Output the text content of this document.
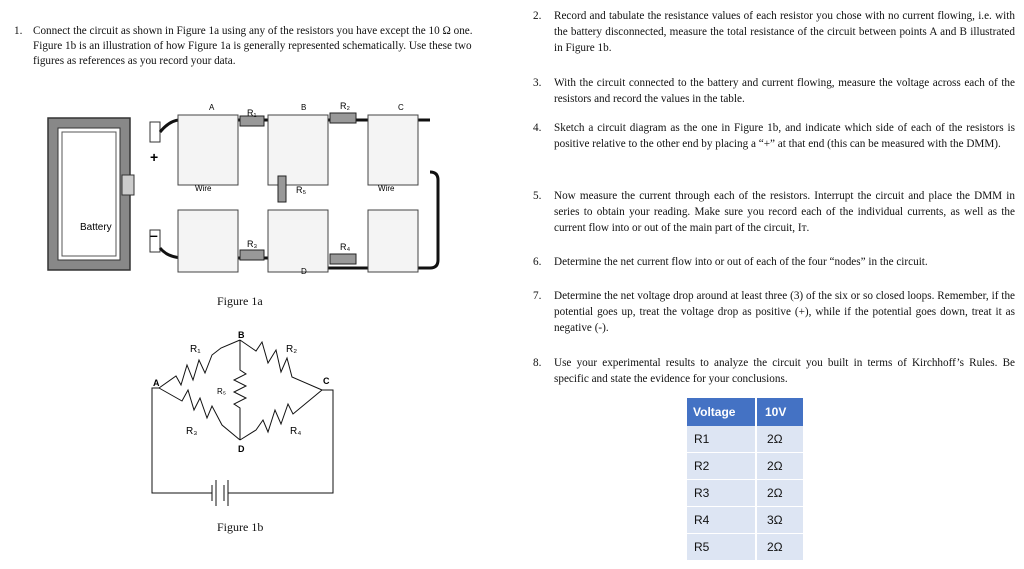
1. Connect the circuit as shown in Figure 1a using any of the resistors you have except the 10 Ω one. Figure 1b is an illustration of how Figure 1a is generally represented schematically. Use these two figures as references as you record your data.
Battery
+
–
A	B	C
D
R₁
R₂
R₅
R₃	R₄
Wire	Wire
Figure 1a
A
B
C
D
R₁	R₂
R₅
R₃	R₄
Figure 1b
2. Record and tabulate the resistance values of each resistor you chose with no current flowing, i.e. with the battery disconnected, measure the total resistance of the circuit between points A and B illustrated in Figure 1b.
3. With the circuit connected to the battery and current flowing, measure the voltage across each of the resistors and record the values in the table.
4. Sketch a circuit diagram as the one in Figure 1b, and indicate which side of each of the resistors is positive relative to the other end by placing a “+” at that end (this can be measured with the DMM).
5. Now measure the current through each of the resistors. Interrupt the circuit and place the DMM in series to obtain your reading. Make sure you record each of the individual currents, as well as the current flow into or out of the main part of the circuit, Iᴛ.
6. Determine the net current flow into or out of each of the four “nodes” in the circuit.
7. Determine the net voltage drop around at least three (3) of the six or so closed loops. Remember, if the potential goes up, treat the voltage drop as positive (+), while if the potential goes down, treat it as negative (-).
8. Use your experimental results to analyze the circuit you built in terms of Kirchhoff’s Rules. Be specific and state the evidence for your conclusions.
Voltage	10V
R1	2Ω
R2	2Ω
R3	2Ω
R4	3Ω
R5	2Ω
